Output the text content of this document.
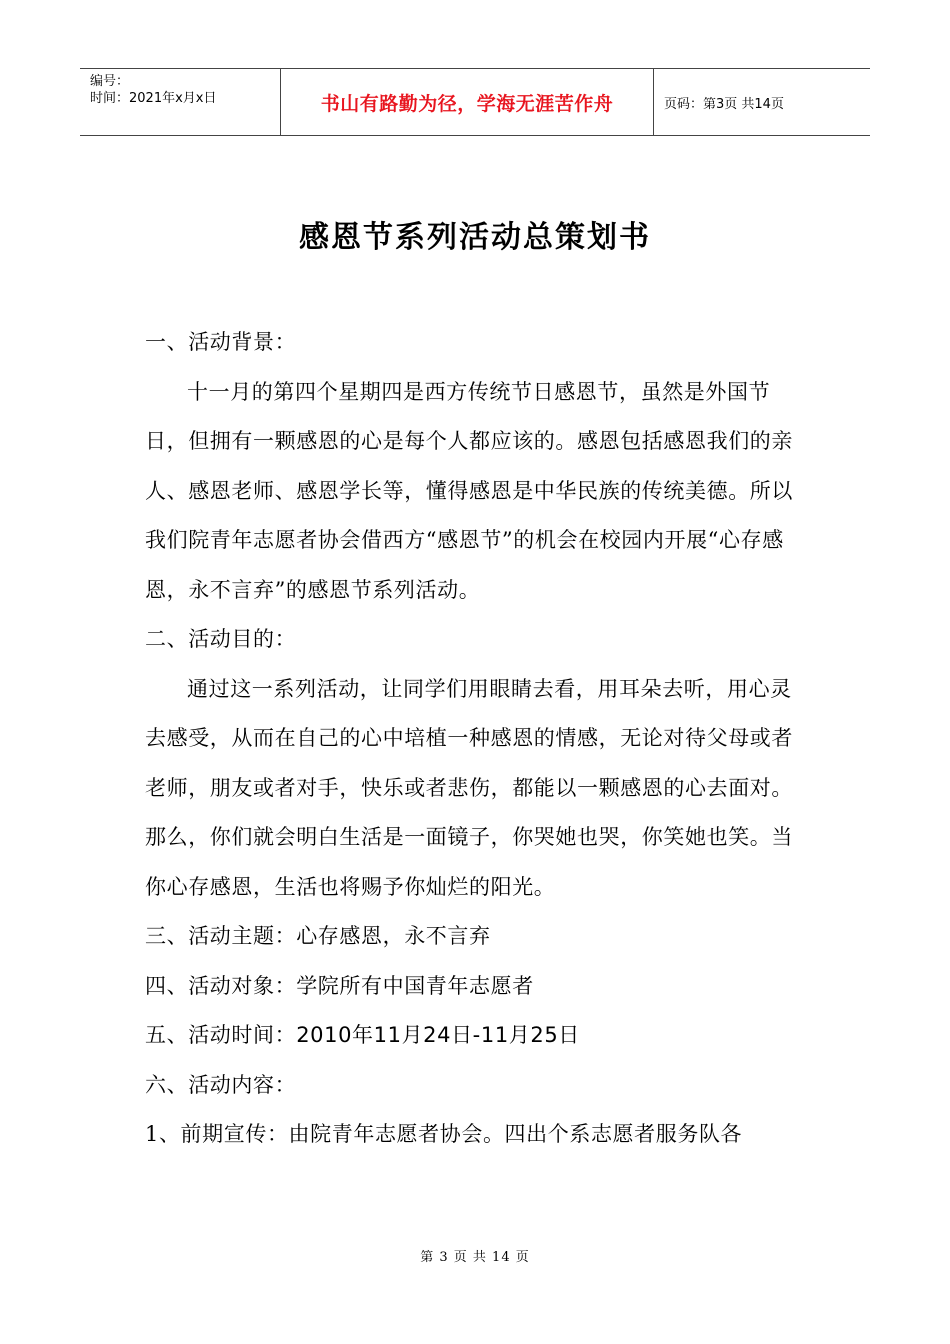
编号：
时间：2021年x月x日	书山有路勤为径，学海无涯苦作舟	页码：第3页 共14页
感恩节系列活动总策划书

一、活动背景：

十一月的第四个星期四是西方传统节日感恩节，虽然是外国节日，但拥有一颗感恩的心是每个人都应该的。感恩包括感恩我们的亲人、感恩老师、感恩学长等，懂得感恩是中华民族的传统美德。所以我们院青年志愿者协会借西方“感恩节”的机会在校园内开展“心存感恩，永不言弃”的感恩节系列活动。

二、活动目的：

通过这一系列活动，让同学们用眼睛去看，用耳朵去听，用心灵去感受，从而在自己的心中培植一种感恩的情感，无论对待父母或者老师，朋友或者对手，快乐或者悲伤，都能以一颗感恩的心去面对。那么，你们就会明白生活是一面镜子，你哭她也哭，你笑她也笑。当你心存感恩，生活也将赐予你灿烂的阳光。

三、活动主题：心存感恩，永不言弃

四、活动对象：学院所有中国青年志愿者

五、活动时间：2010年11月24日-11月25日

六、活动内容：

1、前期宣传：由院青年志愿者协会。四出个系志愿者服务队各

第 3 页 共 14 页
